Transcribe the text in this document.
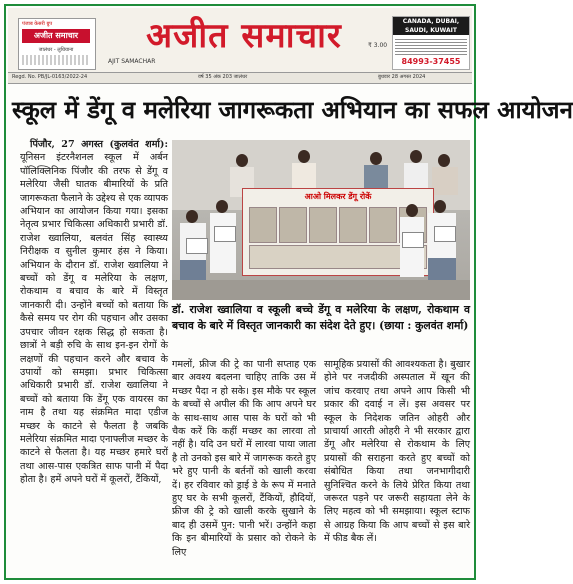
पंजाब केसरी ग्रुप
अजीत समाचार
जालंधर - लुधियाना	अजीत समाचार
AJIT SAMACHAR
₹ 3.00
CANADA, DUBAI, SAUDI, KUWAIT
84993-37455
Regd. No. PB/JL-0163/2022-24	वर्ष 35 अंक 203 जालंधर	बुधवार 28 अगस्त 2024
स्कूल में डेंगू व मलेरिया जागरूकता अभियान का सफल आयोजन

पिंजौर, 27 अगस्त (कुलवंत शर्मा): यूनिसन इंटरनैशनल स्कूल में अर्बन पॉलिक्लिनिक पिंजौर की तरफ से डेंगू व मलेरिया जैसी घातक बीमारियों के प्रति जागरूकता फैलाने के उद्देश्य से एक व्यापक अभियान का आयोजन किया गया। इसका नेतृत्व प्रभार चिकित्सा अधिकारी प्रभारी डॉ. राजेश ख्वालिया, बलवंत सिंह स्वास्थ्य निरीक्षक व सुनील कुमार हंस ने किया। अभियान के दौरान डॉ. राजेश ख्वालिया ने बच्चों को डेंगू व मलेरिया के लक्षण, रोकथाम व बचाव के बारे में विस्तृत जानकारी दी। उन्होंने बच्चों को बताया कि कैसे समय पर रोग की पहचान और उसका उपचार जीवन रक्षक सिद्ध हो सकता है। छात्रों ने बड़ी रुचि के साथ इन-इन रोगों के लक्षणों की पहचान करने और बचाव के उपायों को समझा। प्रभार चिकित्सा अधिकारी प्रभारी डॉ. राजेश ख्वालिया ने बच्चों को बताया कि डेंगू एक वायरस का नाम है तथा यह संक्रमित मादा एडीज मच्छर के काटने से फैलता है जबकि मलेरिया संक्रमित मादा एनाफ्लीज मच्छर के काटने से फैलता है। यह मच्छर हमारे घरों तथा आस-पास एकत्रित साफ पानी में पैदा होता है। हमें अपने घरों में कूलरों, टैंकियों,

आओ मिलकर डेंगू रोकें
डॉ. राजेश ख्वालिया व स्कूली बच्चे डेंगू व मलेरिया के लक्षण, रोकथाम व बचाव के बारे में विस्तृत जानकारी का संदेश देते हुए। (छाया : कुलवंत शर्मा)

गमलों, फ्रीज की ट्रे का पानी सप्ताह एक बार अवश्य बदलना चाहिए ताकि उस में मच्छर पैदा न हो सके। इस मौके पर स्कूल के बच्चों से अपील की कि आप अपने घर के साथ-साथ आस पास के घरों को भी चैक करें कि कहीं मच्छर का लारवा तो नहीं है। यदि उन घरों में लारवा पाया जाता है तो उनको इस बारे में जागरूक करते हुए भरे हुए पानी के बर्तनों को खाली करवा दें। हर रविवार को ड्राई डे के रूप में मनाते हुए घर के सभी कूलरों, टैंकियों, हौदियों, फ्रीज की ट्रे को खाली करके सुखाने के बाद ही उसमें पुन: पानी भरें। उन्होंने कहा कि इन बीमारियों के प्रसार को रोकने के लिए

सामूहिक प्रयासों की आवश्यकता है। बुखार होने पर नजदीकी अस्पताल में खून की जांच करवाए तथा अपने आप किसी भी प्रकार की दवाई न लें। इस अवसर पर स्कूल के निदेशक जतिन ओहरी और प्राचार्या आरती ओहरी ने भी सरकार द्वारा डेंगू और मलेरिया से रोकथाम के लिए प्रयासों की सराहना करते हुए बच्चों को संबोधित किया तथा जनभागीदारी सुनिश्चित करने के लिये प्रेरित किया तथा जरूरत पड़ने पर जरूरी सहायता लेने के लिए महत्व को भी समझाया। स्कूल स्टाफ से आग्रह किया कि आप बच्चों से इस बारे में फीड बैक लें।
